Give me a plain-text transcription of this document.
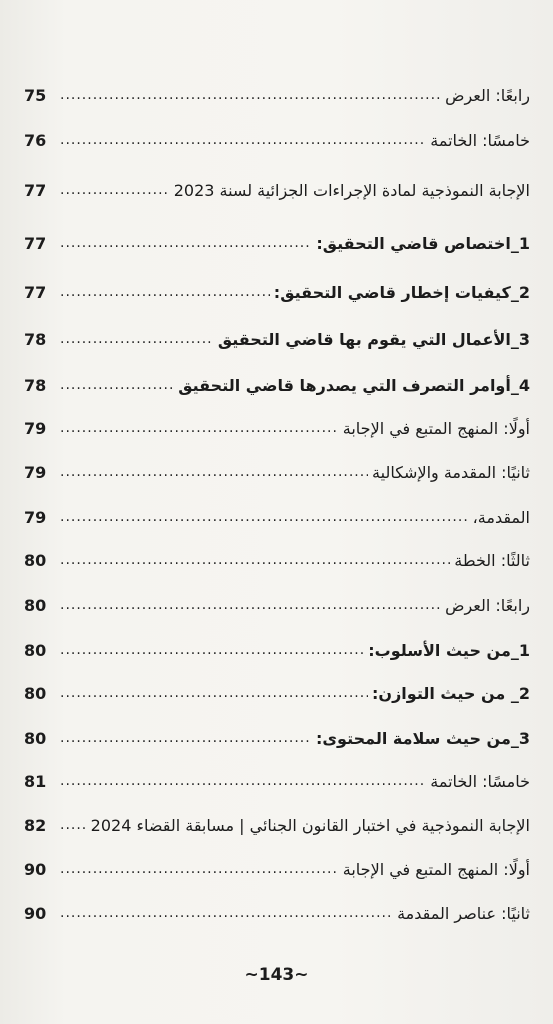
رابعًا: العرض
.....
75
خامسًا: الخاتمة
.....
76
الإجابة النموذجية لمادة الإجراءات الجزائية لسنة 2023
.....
77
1_اختصاص قاضي التحقيق:
.....
77
2_كيفيات إخطار قاضي التحقيق:
.....
77
3_الأعمال التي يقوم بها قاضي التحقيق
.....
78
4_أوامر التصرف التي يصدرها قاضي التحقيق
.....
78
أولًا: المنهج المتبع في الإجابة
.....
79
ثانيًا: المقدمة والإشكالية
.....
79
المقدمة،
.....
79
ثالثًا: الخطة
.....
80
رابعًا: العرض
.....
80
1_من حيث الأسلوب:
.....
80
2_ من حيث التوازن:
.....
80
3_من حيث سلامة المحتوى:
.....
80
خامسًا: الخاتمة
.....
81
الإجابة النموذجية في اختبار القانون الجنائي | مسابقة القضاء 2024
.....
82
أولًا: المنهج المتبع في الإجابة
.....
90
ثانيًا: عناصر المقدمة
.....
90
~143~
